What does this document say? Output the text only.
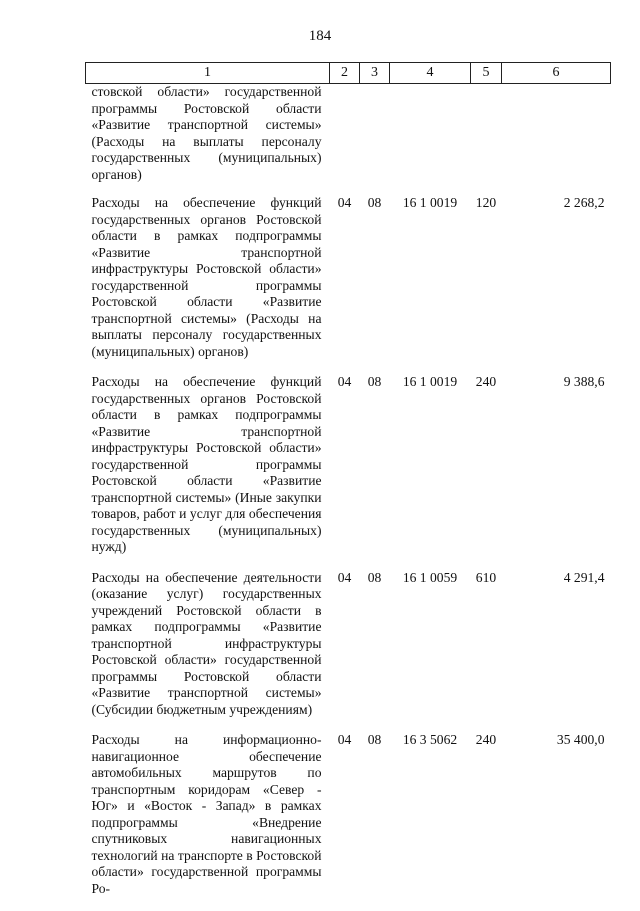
184
1	2	3	4	5	6
стовской области» государственной программы Ростовской области «Развитие транспортной системы» (Расходы на выплаты персоналу государственных (муниципальных) органов)					
Расходы на обеспечение функций государственных органов Ростовской области в рамках подпрограммы «Развитие транспортной инфраструктуры Ростовской области» государственной программы Ростовской области «Развитие транспортной системы» (Расходы на выплаты персоналу государственных (муниципальных) органов)	04	08	16 1 0019	120	2 268,2
Расходы на обеспечение функций государственных органов Ростовской области в рамках подпрограммы «Развитие транспортной инфраструктуры Ростовской области» государственной программы Ростовской области «Развитие транспортной системы» (Иные закупки товаров, работ и услуг для обеспечения государственных (муниципальных) нужд)	04	08	16 1 0019	240	9 388,6
Расходы на обеспечение деятельности (оказание услуг) государственных учреждений Ростовской области в рамках подпрограммы «Развитие транспортной инфраструктуры Ростовской области» государственной программы Ростовской области «Развитие транспортной системы» (Субсидии бюджетным учреждениям)	04	08	16 1 0059	610	4 291,4
Расходы на информационно-навигационное обеспечение автомобильных маршрутов по транспортным коридорам «Север - Юг» и «Восток - Запад» в рамках подпрограммы «Внедрение спутниковых навигационных технологий на транспорте в Ростовской области» государственной программы Ро-	04	08	16 3 5062	240	35 400,0
